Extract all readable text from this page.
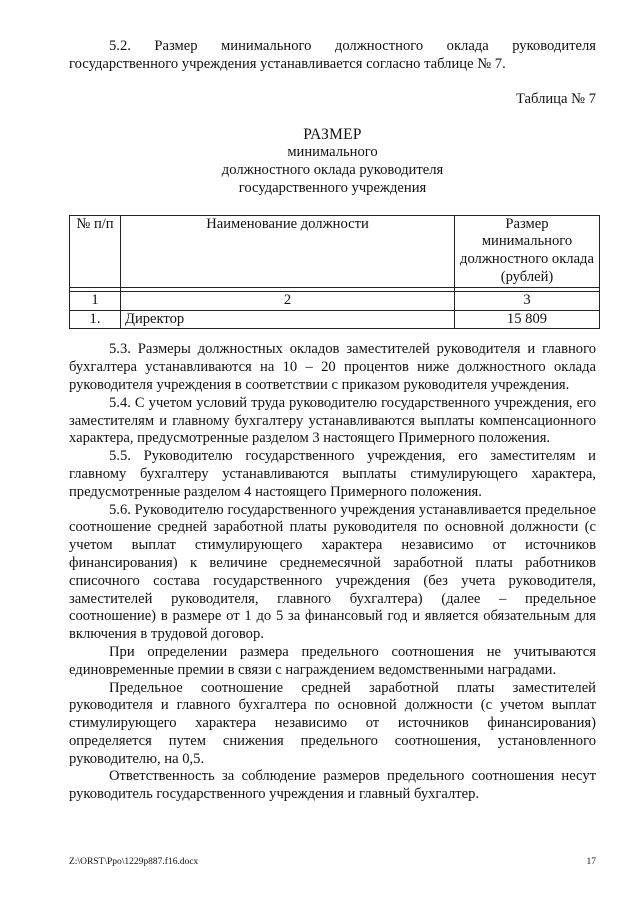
5.2. Размер минимального должностного оклада руководителя государственного учреждения устанавливается согласно таблице № 7.

Таблица № 7

РАЗМЕР
минимального
должностного оклада руководителя
государственного учреждения
№ п/п	Наименование должности	Размер минимального должностного оклада (рублей)

1	2	3
1.	Директор	15 809

5.3. Размеры должностных окладов заместителей руководителя и главного бухгалтера устанавливаются на 10 – 20 процентов ниже должностного оклада руководителя учреждения в соответствии с приказом руководителя учреждения.

5.4. С учетом условий труда руководителю государственного учреждения, его заместителям и главному бухгалтеру устанавливаются выплаты компенсационного характера, предусмотренные разделом 3 настоящего Примерного положения.

5.5. Руководителю государственного учреждения, его заместителям и главному бухгалтеру устанавливаются выплаты стимулирующего характера, предусмотренные разделом 4 настоящего Примерного положения.

5.6. Руководителю государственного учреждения устанавливается предельное соотношение средней заработной платы руководителя по основной должности (с учетом выплат стимулирующего характера независимо от источников финансирования) к величине среднемесячной заработной платы работников списочного состава государственного учреждения (без учета руководителя, заместителей руководителя, главного бухгалтера) (далее – предельное соотношение) в размере от 1 до 5 за финансовый год и является обязательным для включения в трудовой договор.

При определении размера предельного соотношения не учитываются единовременные премии в связи с награждением ведомственными наградами.

Предельное соотношение средней заработной платы заместителей руководителя и главного бухгалтера по основной должности (с учетом выплат стимулирующего характера независимо от источников финансирования) определяется путем снижения предельного соотношения, установленного руководителю, на 0,5.

Ответственность за соблюдение размеров предельного соотношения несут руководитель государственного учреждения и главный бухгалтер.

Z:\ORST\Ppo\1229p887.f16.docx	17
